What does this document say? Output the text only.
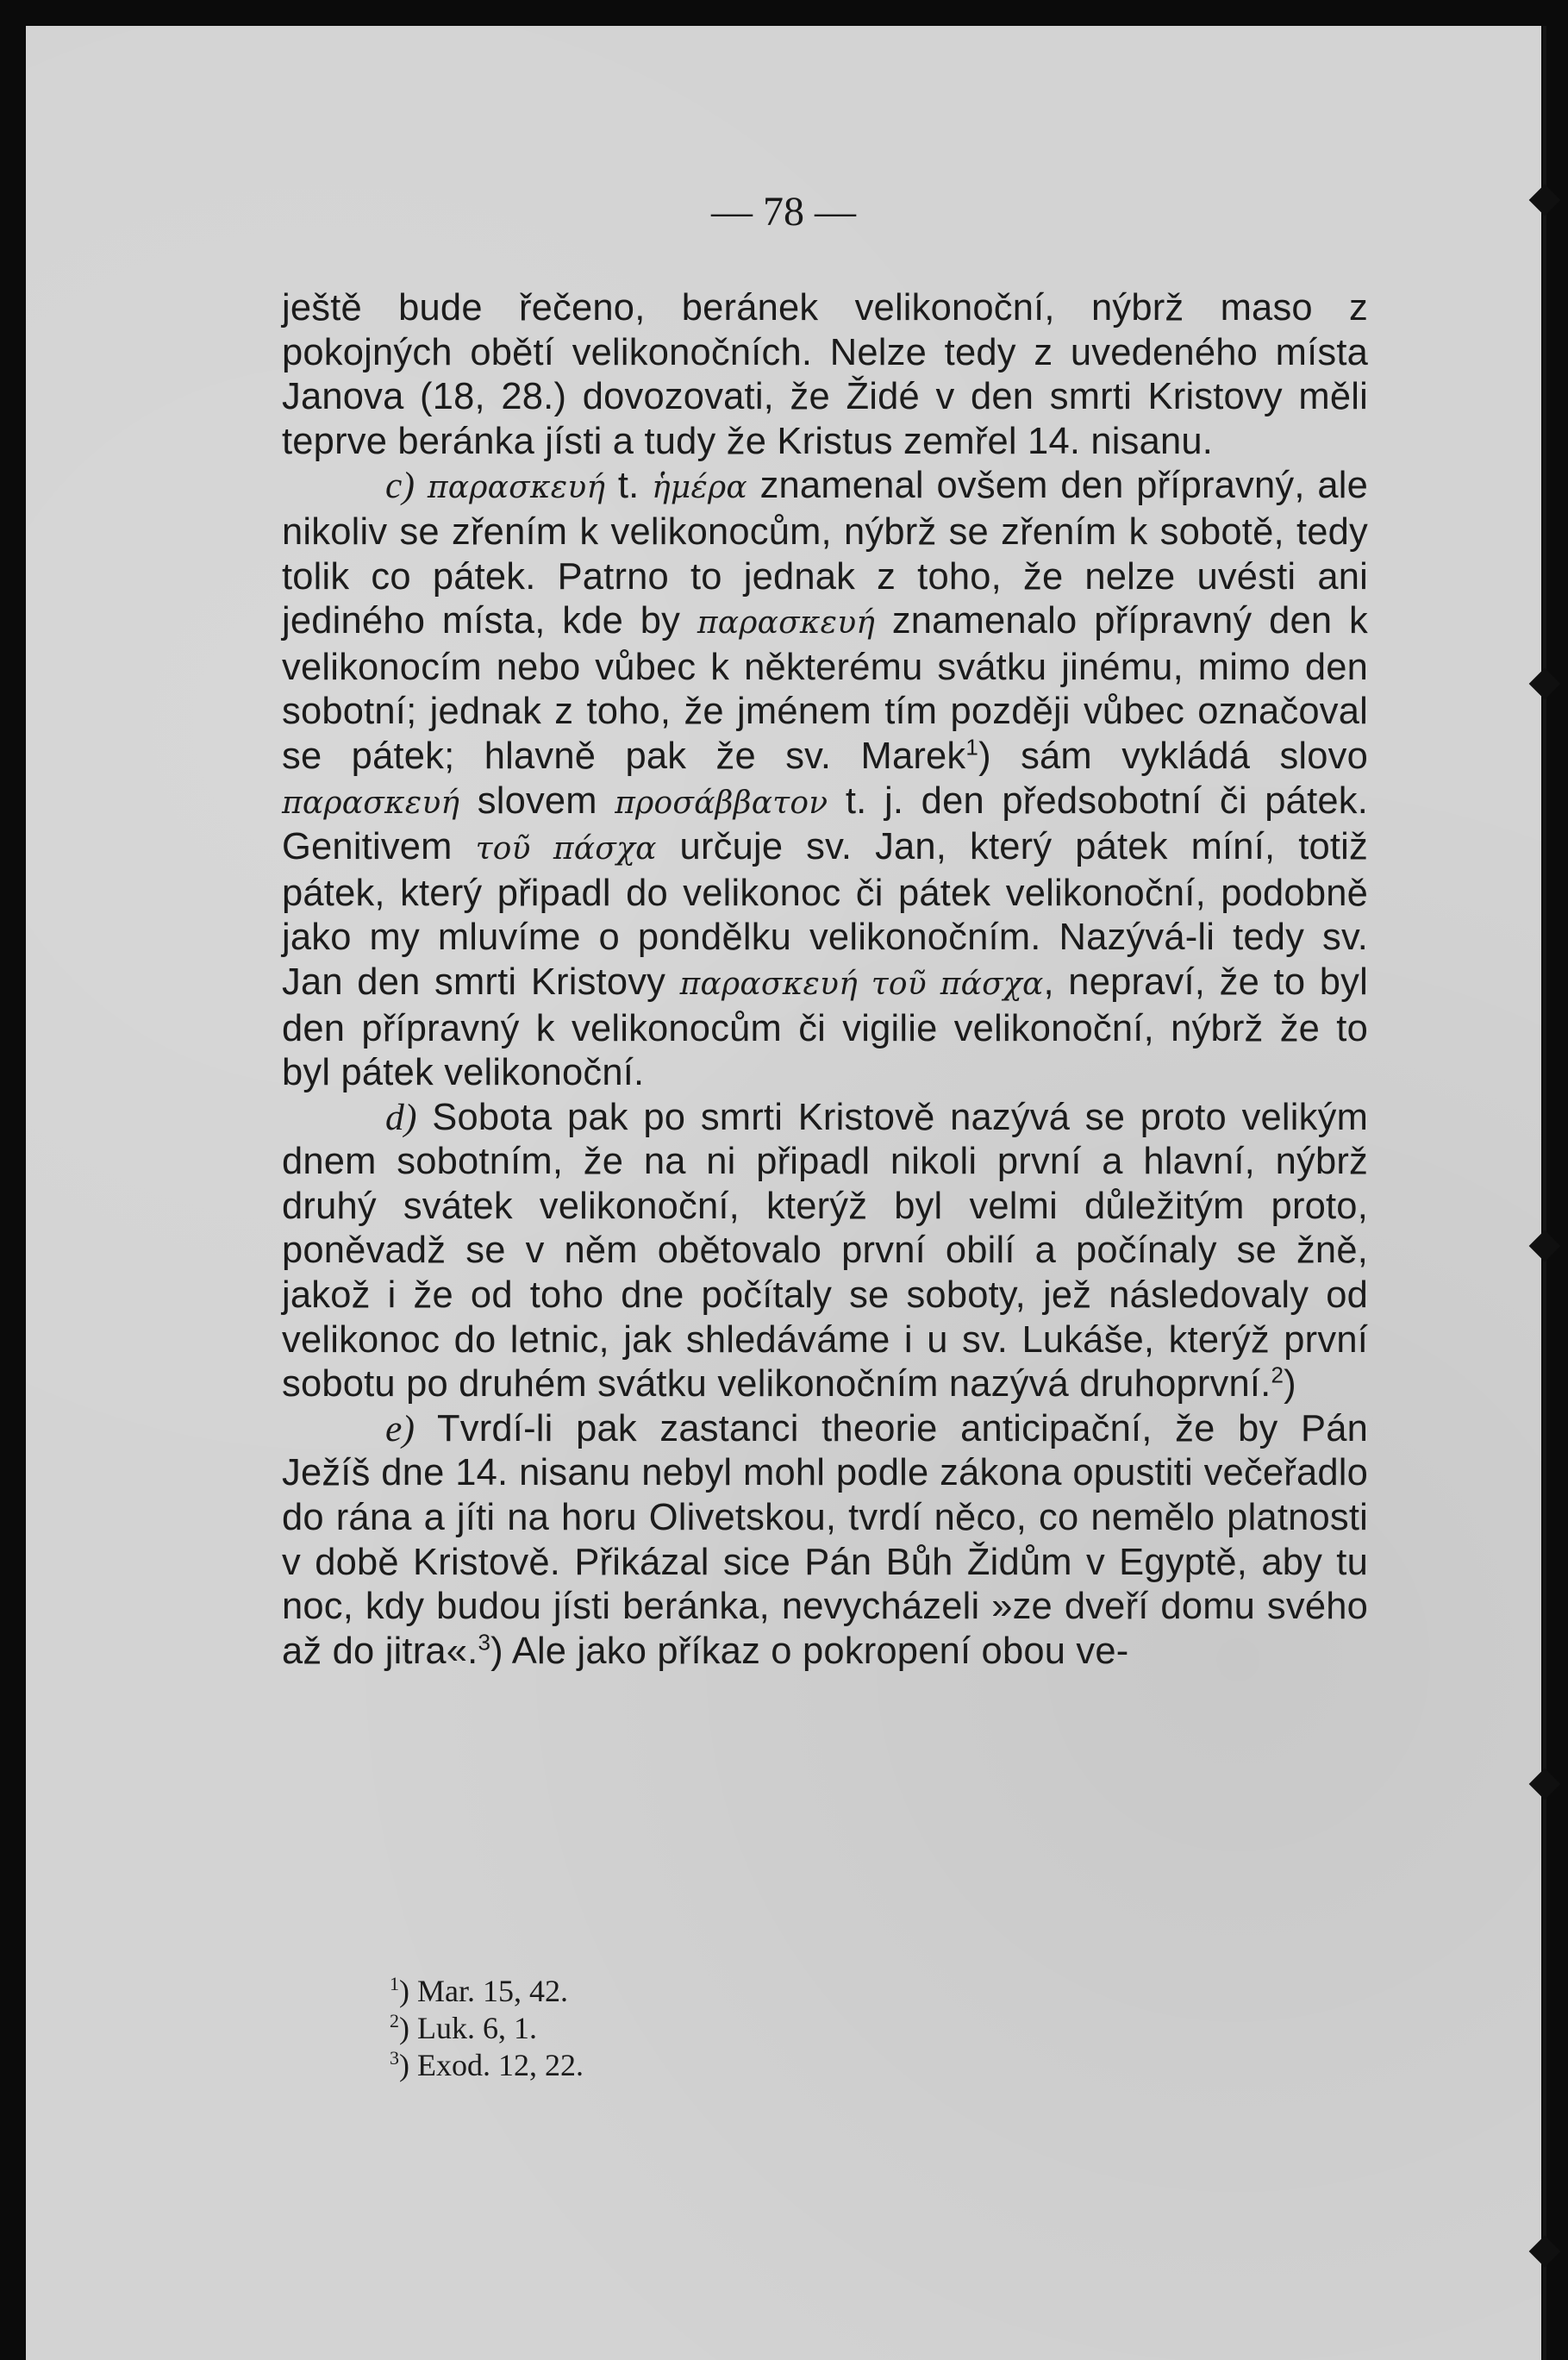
— 78 —

ještě bude řečeno, beránek velikonoční, nýbrž maso z pokojných obětí velikonočních. Nelze tedy z uvedeného místa Janova (18, 28.) dovozovati, že Židé v den smrti Kristovy měli teprve beránka jísti a tudy že Kristus zemřel 14. nisanu.

c) παρασκευή t. ἡμέρα znamenal ovšem den přípravný, ale nikoliv se zřením k velikonocům, nýbrž se zřením k sobotě, tedy tolik co pátek. Patrno to jednak z toho, že nelze uvésti ani jediného místa, kde by παρασκευή znamenalo přípravný den k velikonocím nebo vůbec k některému svátku jinému, mimo den sobotní; jednak z toho, že jménem tím později vůbec označoval se pátek; hlavně pak že sv. Marek$^1$) sám vykládá slovo παρασκευή slovem προσάββατον t. j. den předsobotní či pátek. Genitivem τοῦ πάσχα určuje sv. Jan, který pátek míní, totiž pátek, který připadl do velikonoc či pátek velikonoční, podobně jako my mluvíme o pondělku velikonočním. Nazývá-li tedy sv. Jan den smrti Kristovy παρασκευή τοῦ πάσχα, nepraví, že to byl den přípravný k velikonocům či vigilie velikonoční, nýbrž že to byl pátek velikonoční.

d) Sobota pak po smrti Kristově nazývá se proto velikým dnem sobotním, že na ni připadl nikoli první a hlavní, nýbrž druhý svátek velikonoční, kterýž byl velmi důležitým proto, poněvadž se v něm obětovalo první obilí a počínaly se žně, jakož i že od toho dne počítaly se soboty, jež následovaly od velikonoc do letnic, jak shledáváme i u sv. Lukáše, kterýž první sobotu po druhém svátku velikonočním nazývá druhoprvní.$^2$)

e) Tvrdí-li pak zastanci theorie anticipační, že by Pán Ježíš dne 14. nisanu nebyl mohl podle zákona opustiti večeřadlo do rána a jíti na horu Olivetskou, tvrdí něco, co nemělo platnosti v době Kristově. Přikázal sice Pán Bůh Židům v Egyptě, aby tu noc, kdy budou jísti beránka, nevycházeli »ze dveří domu svého až do jitra«.$^3$) Ale jako příkaz o pokropení obou ve-

$^1$) Mar. 15, 42.
$^2$) Luk. 6, 1.
$^3$) Exod. 12, 22.
